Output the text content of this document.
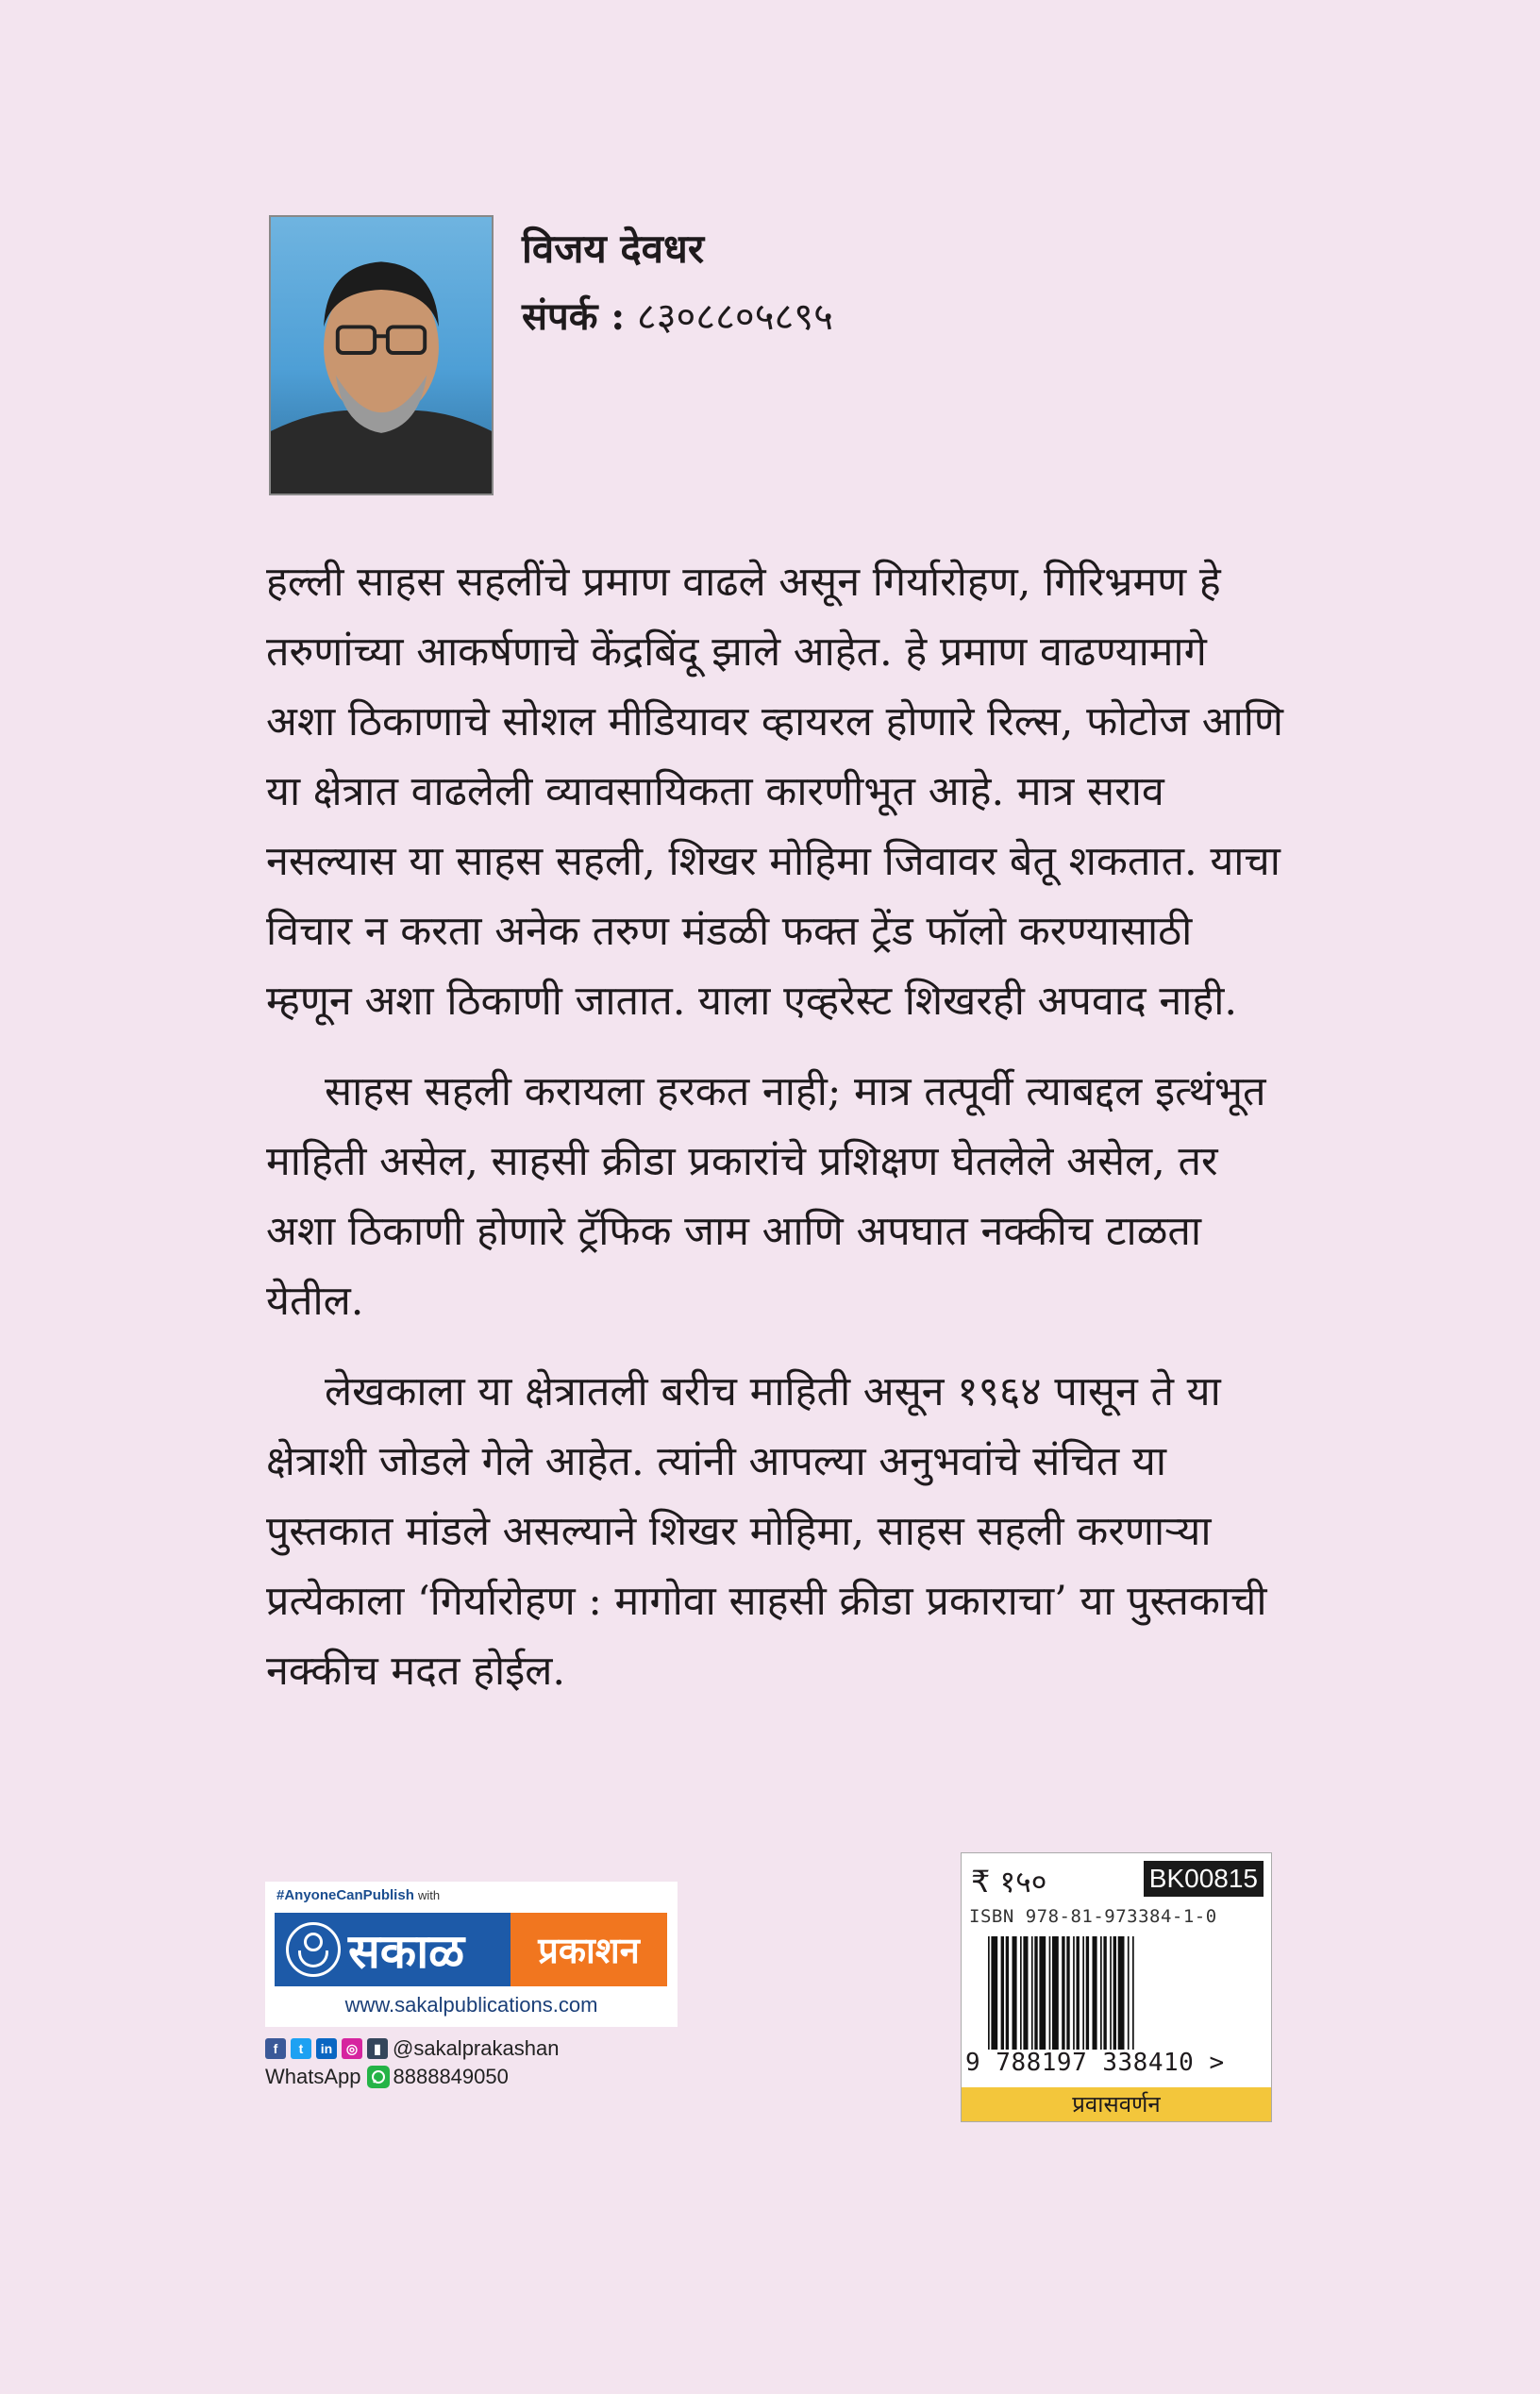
विजय देवधर
संपर्क : ८३०८८०५८९५

हल्ली साहस सहलींचे प्रमाण वाढले असून गिर्यारोहण, गिरिभ्रमण हे तरुणांच्या आकर्षणाचे केंद्रबिंदू झाले आहेत. हे प्रमाण वाढण्यामागे अशा ठिकाणाचे सोशल मीडियावर व्हायरल होणारे रिल्स, फोटोज आणि या क्षेत्रात वाढलेली व्यावसायिकता कारणीभूत आहे. मात्र सराव नसल्यास या साहस सहली, शिखर मोहिमा जिवावर बेतू शकतात. याचा विचार न करता अनेक तरुण मंडळी फक्त ट्रेंड फॉलो करण्यासाठी म्हणून अशा ठिकाणी जातात. याला एव्हरेस्ट शिखरही अपवाद नाही.

साहस सहली करायला हरकत नाही; मात्र तत्पूर्वी त्याबद्दल इत्थंभूत माहिती असेल, साहसी क्रीडा प्रकारांचे प्रशिक्षण घेतलेले असेल, तर अशा ठिकाणी होणारे ट्रॅफिक जाम आणि अपघात नक्कीच टाळता येतील.

लेखकाला या क्षेत्रातली बरीच माहिती असून १९६४ पासून ते या क्षेत्राशी जोडले गेले आहेत. त्यांनी आपल्या अनुभवांचे संचित या पुस्तकात मांडले असल्याने शिखर मोहिमा, साहस सहली करणाऱ्या प्रत्येकाला ‘गिर्यारोहण : मागोवा साहसी क्रीडा प्रकाराचा’ या पुस्तकाची नक्कीच मदत होईल.

#AnyoneCanPublish with
सकाळ	प्रकाशन
www.sakalpublications.com
f	t	in	◎	▮ @sakalprakashan
WhatsApp 8888849050
₹ १५०	BK00815
ISBN 978-81-973384-1-0
9 788197 338410 >
प्रवासवर्णन
